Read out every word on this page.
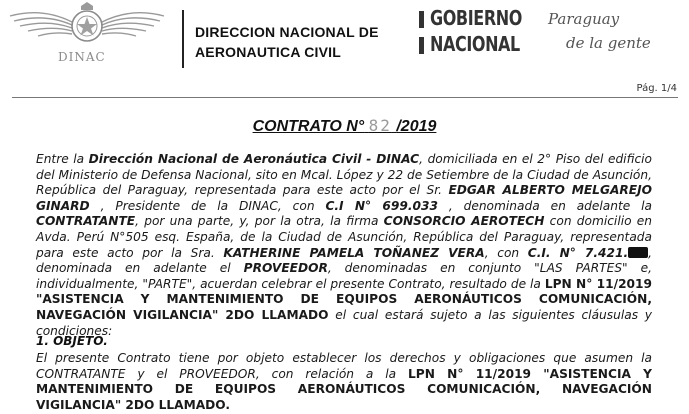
DINAC
DIRECCION NACIONAL DE
AERONAUTICA CIVIL
GOBIERNO
NACIONAL
Paraguay
de la gente
Pág. 1/4
CONTRATO N° 82 /2019
Entre la Dirección Nacional de Aeronáutica Civil - DINAC, domiciliada en el 2° Piso del edificio del Ministerio de Defensa Nacional, sito en Mcal. López y 22 de Setiembre de la Ciudad de Asunción, República del Paraguay, representada para este acto por el Sr. EDGAR ALBERTO MELGAREJO GINARD , Presidente de la DINAC, con C.I N° 699.033 , denominada en adelante la CONTRATANTE, por una parte, y, por la otra, la firma CONSORCIO AEROTECH con domicilio en Avda. Perú N°505 esq. España, de la Ciudad de Asunción, República del Paraguay, representada para este acto por la Sra. KATHERINE PAMELA TOÑANEZ VERA, con C.I. N° 7.421. , denominada en adelante el PROVEEDOR, denominadas en conjunto "LAS PARTES" e, individualmente, "PARTE", acuerdan celebrar el presente Contrato, resultado de la LPN N° 11/2019 "ASISTENCIA Y MANTENIMIENTO DE EQUIPOS AERONÁUTICOS COMUNICACIÓN, NAVEGACIÓN VIGILANCIA" 2DO LLAMADO el cual estará sujeto a las siguientes cláusulas y condiciones:
1. OBJETO.
El presente Contrato tiene por objeto establecer los derechos y obligaciones que asumen la CONTRATANTE y el PROVEEDOR, con relación a la LPN N° 11/2019 "ASISTENCIA Y MANTENIMIENTO DE EQUIPOS AERONÁUTICOS COMUNICACIÓN, NAVEGACIÓN VIGILANCIA" 2DO LLAMADO.
